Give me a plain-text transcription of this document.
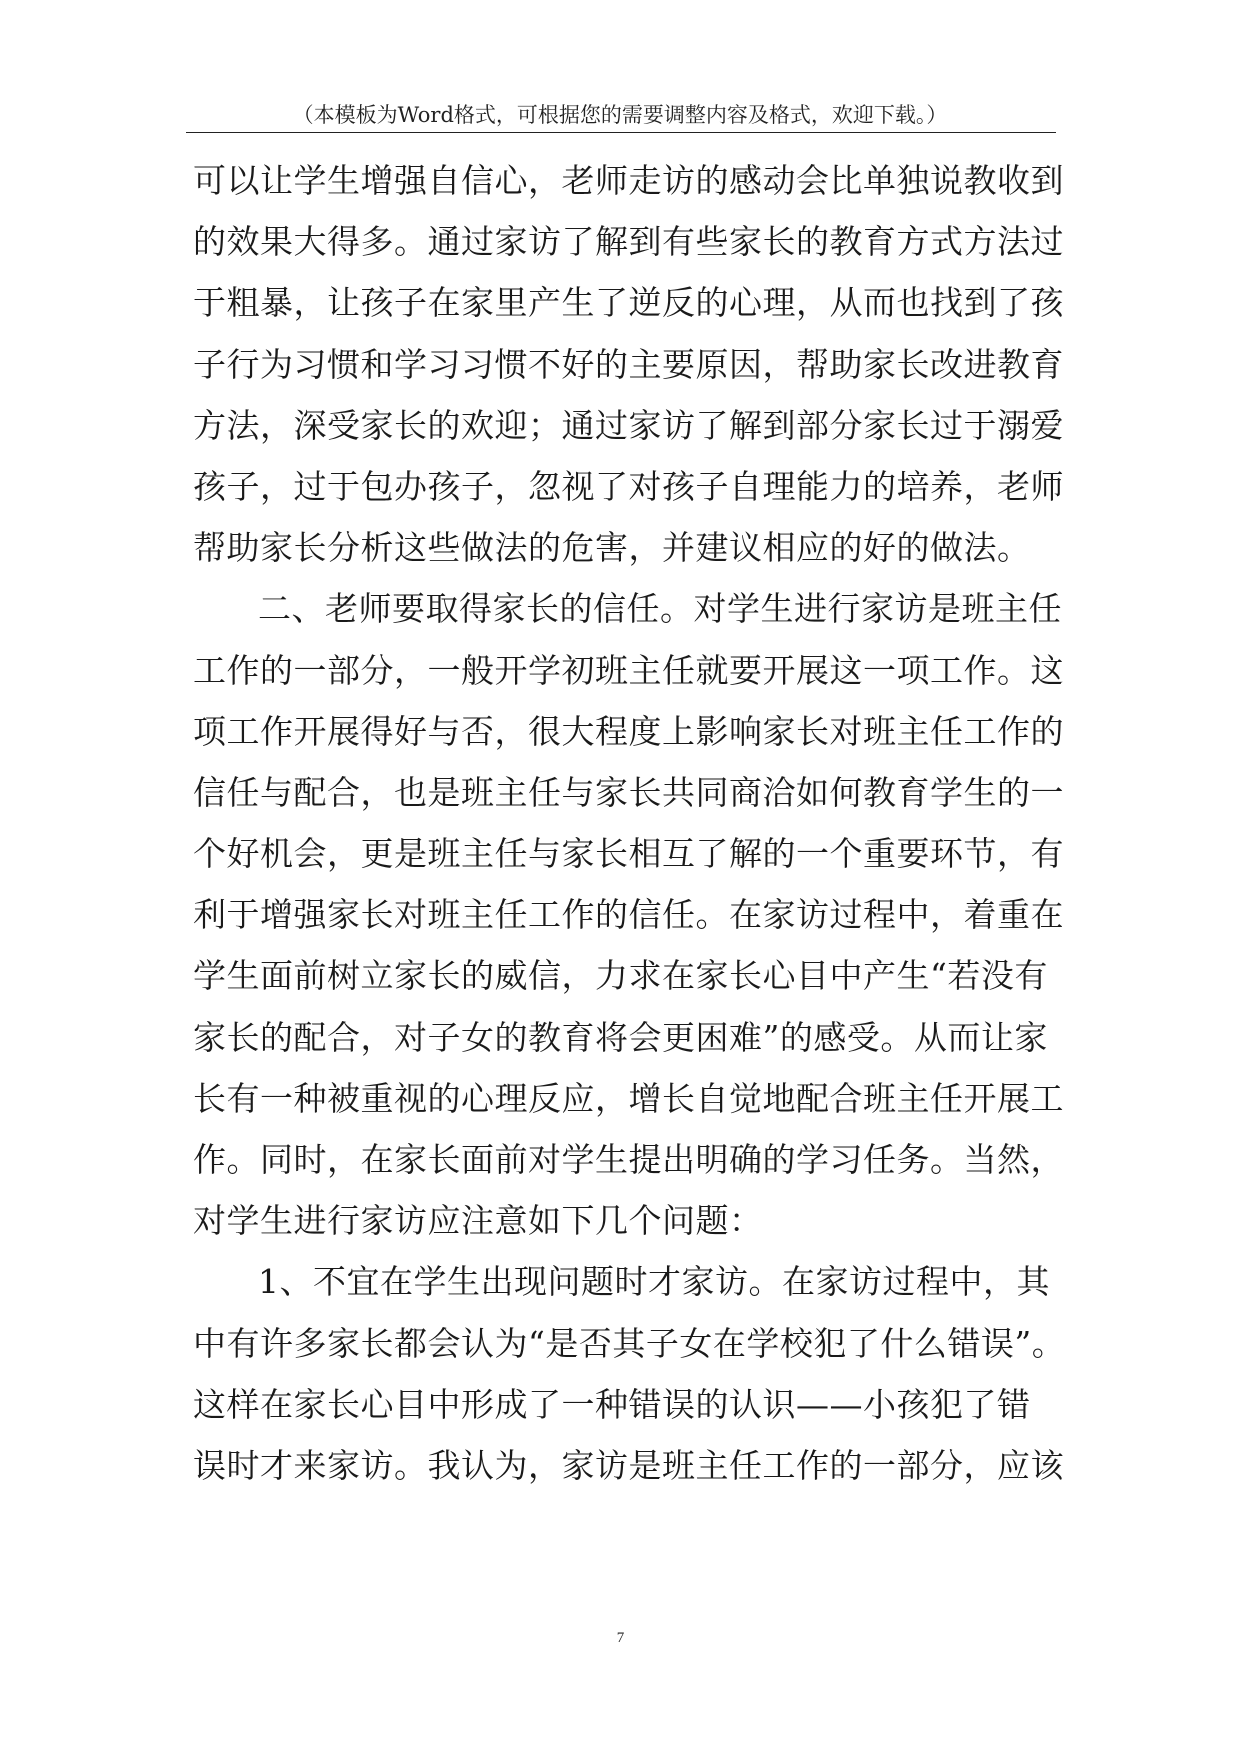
（本模板为Word格式，可根据您的需要调整内容及格式，欢迎下载。）
可以让学生增强自信心，老师走访的感动会比单独说教收到
的效果大得多。通过家访了解到有些家长的教育方式方法过
于粗暴，让孩子在家里产生了逆反的心理，从而也找到了孩
子行为习惯和学习习惯不好的主要原因，帮助家长改进教育
方法，深受家长的欢迎；通过家访了解到部分家长过于溺爱
孩子，过于包办孩子，忽视了对孩子自理能力的培养，老师
帮助家长分析这些做法的危害，并建议相应的好的做法。
二、老师要取得家长的信任。对学生进行家访是班主任
工作的一部分，一般开学初班主任就要开展这一项工作。这
项工作开展得好与否，很大程度上影响家长对班主任工作的
信任与配合，也是班主任与家长共同商洽如何教育学生的一
个好机会，更是班主任与家长相互了解的一个重要环节，有
利于增强家长对班主任工作的信任。在家访过程中，着重在
学生面前树立家长的威信，力求在家长心目中产生“若没有
家长的配合，对子女的教育将会更困难”的感受。从而让家
长有一种被重视的心理反应，增长自觉地配合班主任开展工
作。同时，在家长面前对学生提出明确的学习任务。当然，
对学生进行家访应注意如下几个问题：
1、不宜在学生出现问题时才家访。在家访过程中，其
中有许多家长都会认为“是否其子女在学校犯了什么错误”。
这样在家长心目中形成了一种错误的认识——小孩犯了错
误时才来家访。我认为，家访是班主任工作的一部分，应该
7
